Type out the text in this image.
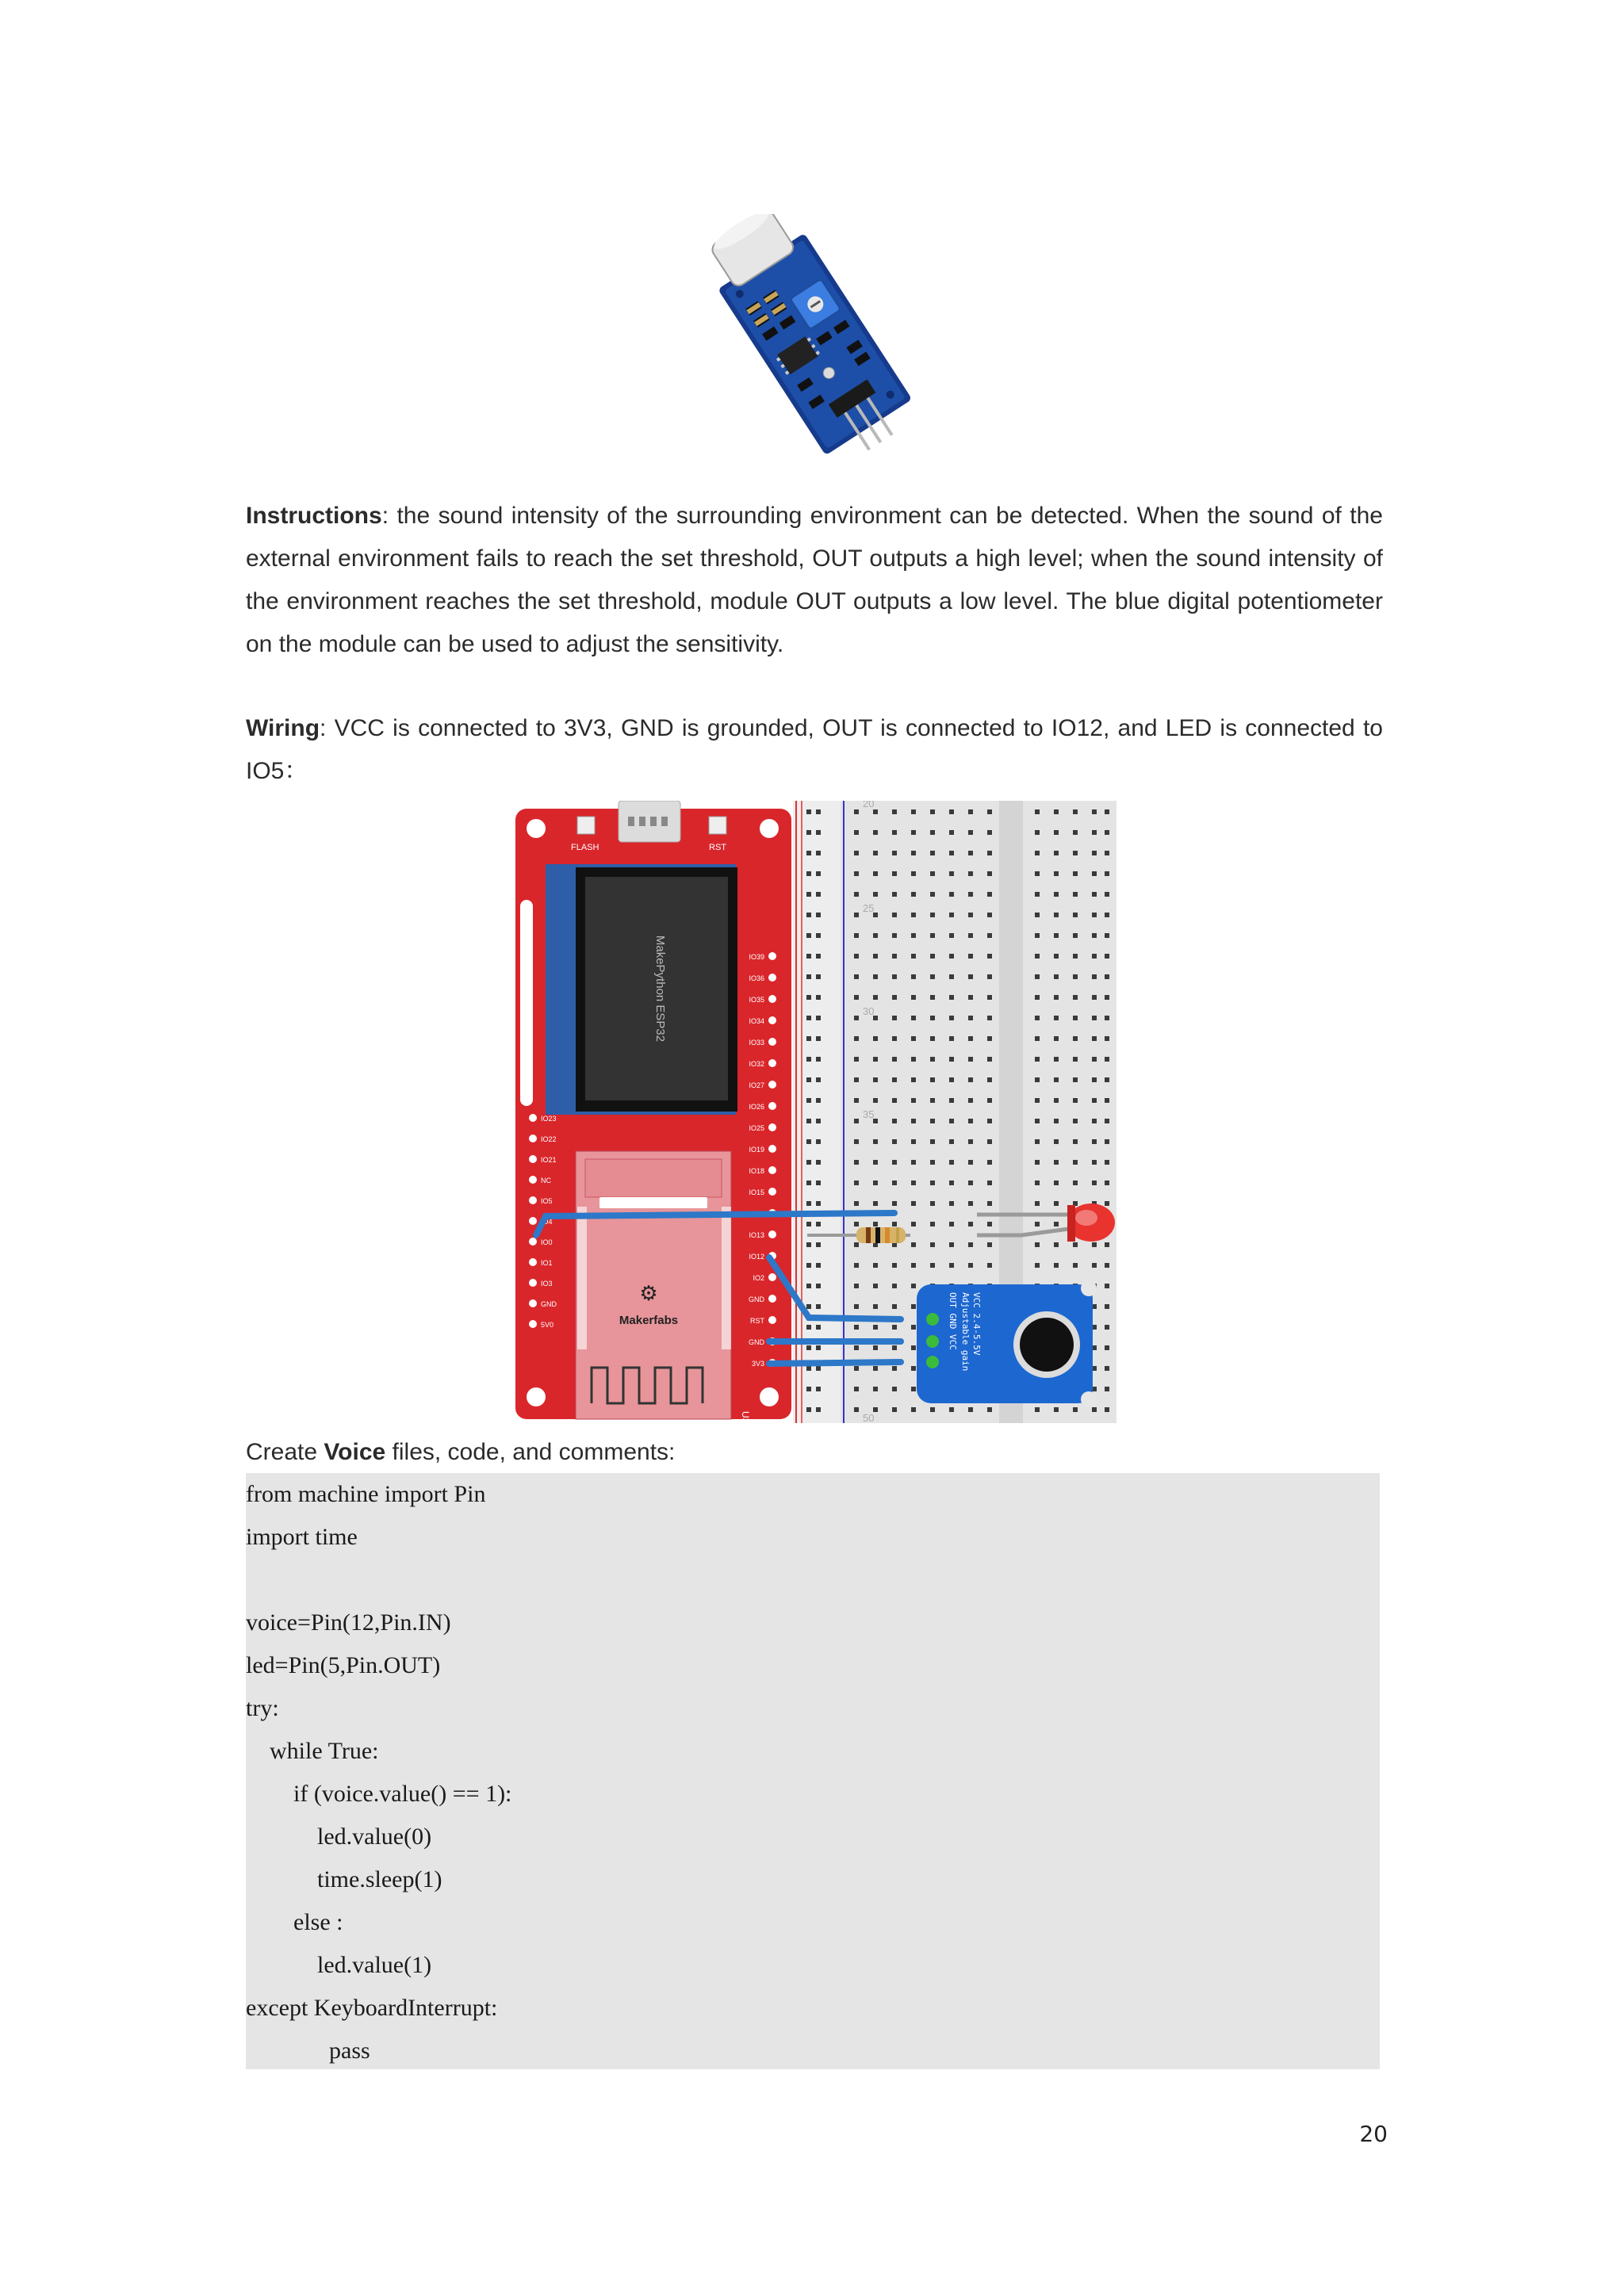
Instructions: the sound intensity of the surrounding environment can be detected. When the sound of the external environment fails to reach the set threshold, OUT outputs a high level; when the sound intensity of the environment reaches the set threshold, module OUT outputs a low level. The blue digital potentiometer on the module can be used to adjust the sensitivity.

Wiring: VCC is connected to 3V3, GND is grounded, OUT is connected to IO12, and LED is connected to IO5：

20
25
30
35
50
FLASH	RST
MakePython ESP32
⚙
Makerfabs
U3
IO23
IO22
IO21
NC
IO5
IO4
IO0
IO1
IO3
GND
5V0
IO39
IO36
IO35
IO34
IO33
IO32
IO27
IO26
IO25
IO19
IO18
IO15
IO14
IO13
IO12
IO2
GND
RST
GND
3V3
VCC 2.4-5.5V
Adjustable gain
OUT GND VCC

Create Voice files, code, and comments:

from machine import Pin
import time
voice=Pin(12,Pin.IN)
led=Pin(5,Pin.OUT)
try:
while True:
if (voice.value() == 1):
led.value(0)
time.sleep(1)
else :
led.value(1)
except KeyboardInterrupt:
pass
20
